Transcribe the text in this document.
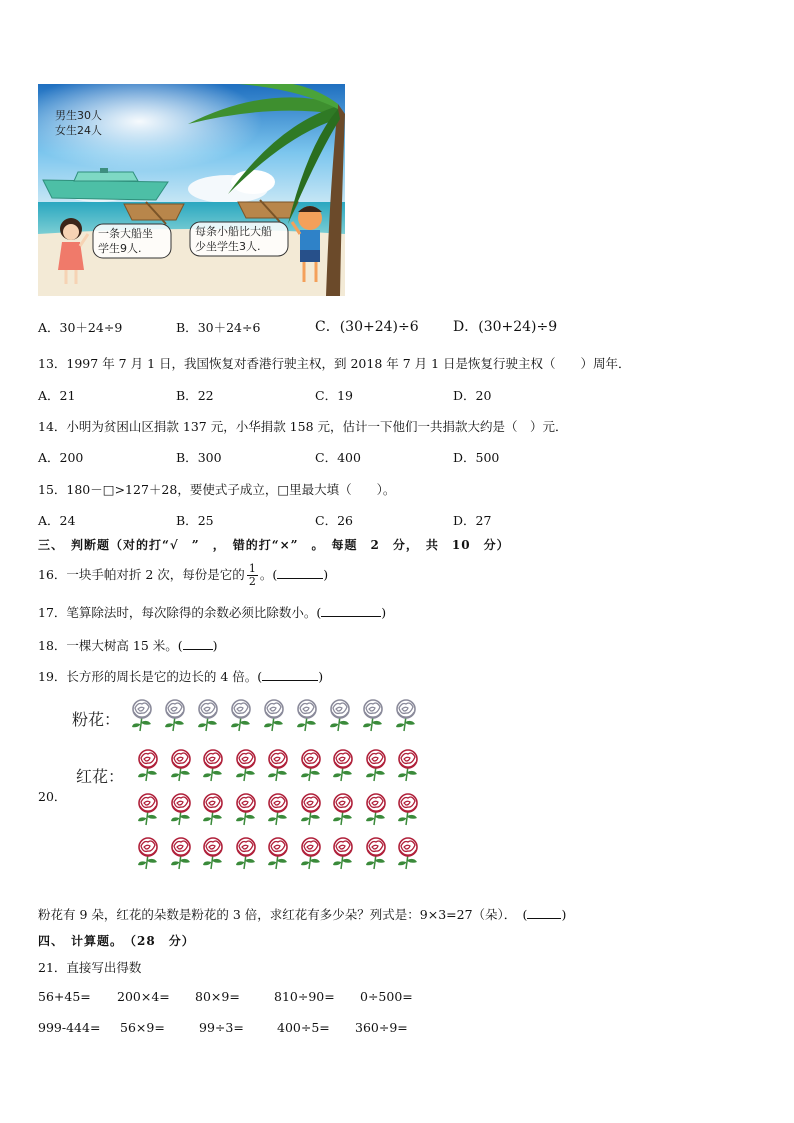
男生30人
女生24人
一条大船坐
学生9人.
每条小船比大船
少坐学生3人.
A．30＋24÷9	B．30＋24÷6	C．(30+24)÷6 D．(30+24)÷9
13．1997 年 7 月 1 日，我国恢复对香港行驶主权，到 2018 年 7 月 1 日是恢复行驶主权（　　）周年．
A．21	B．22	C．19	D．20
14．小明为贫困山区捐款 137 元，小华捐款 158 元，估计一下他们一共捐款大约是（　）元．
A．200	B．300	C．400	D．500
15．180－□>127＋28，要使式子成立，□里最大填（　　）。
A．24	B．25	C．26	D．27
三、　判断题（对的打“√　”　，　错的打“×”　。　每题　2　分，　共　10　分）
16．一块手帕对折 2 次，每份是它的 $\frac{1}{2}$ 。(	)
17．笔算除法时，每次除得的余数必须比除数小。(	)
18．一棵大树高 15 米。( )
19．长方形的周长是它的边长的 4 倍。(	)
粉花：
红花：
20．
粉花有 9 朵，红花的朵数是粉花的 3 倍，求红花有多少朵？列式是：9×3=27（朵）．　(	)
四、　计算题。　（28　分）
21．直接写出得数
56+45= 200×4= 80×9=	810÷90= 0÷500=
999-444= 56×9=	99÷3=	400÷5= 360÷9=
